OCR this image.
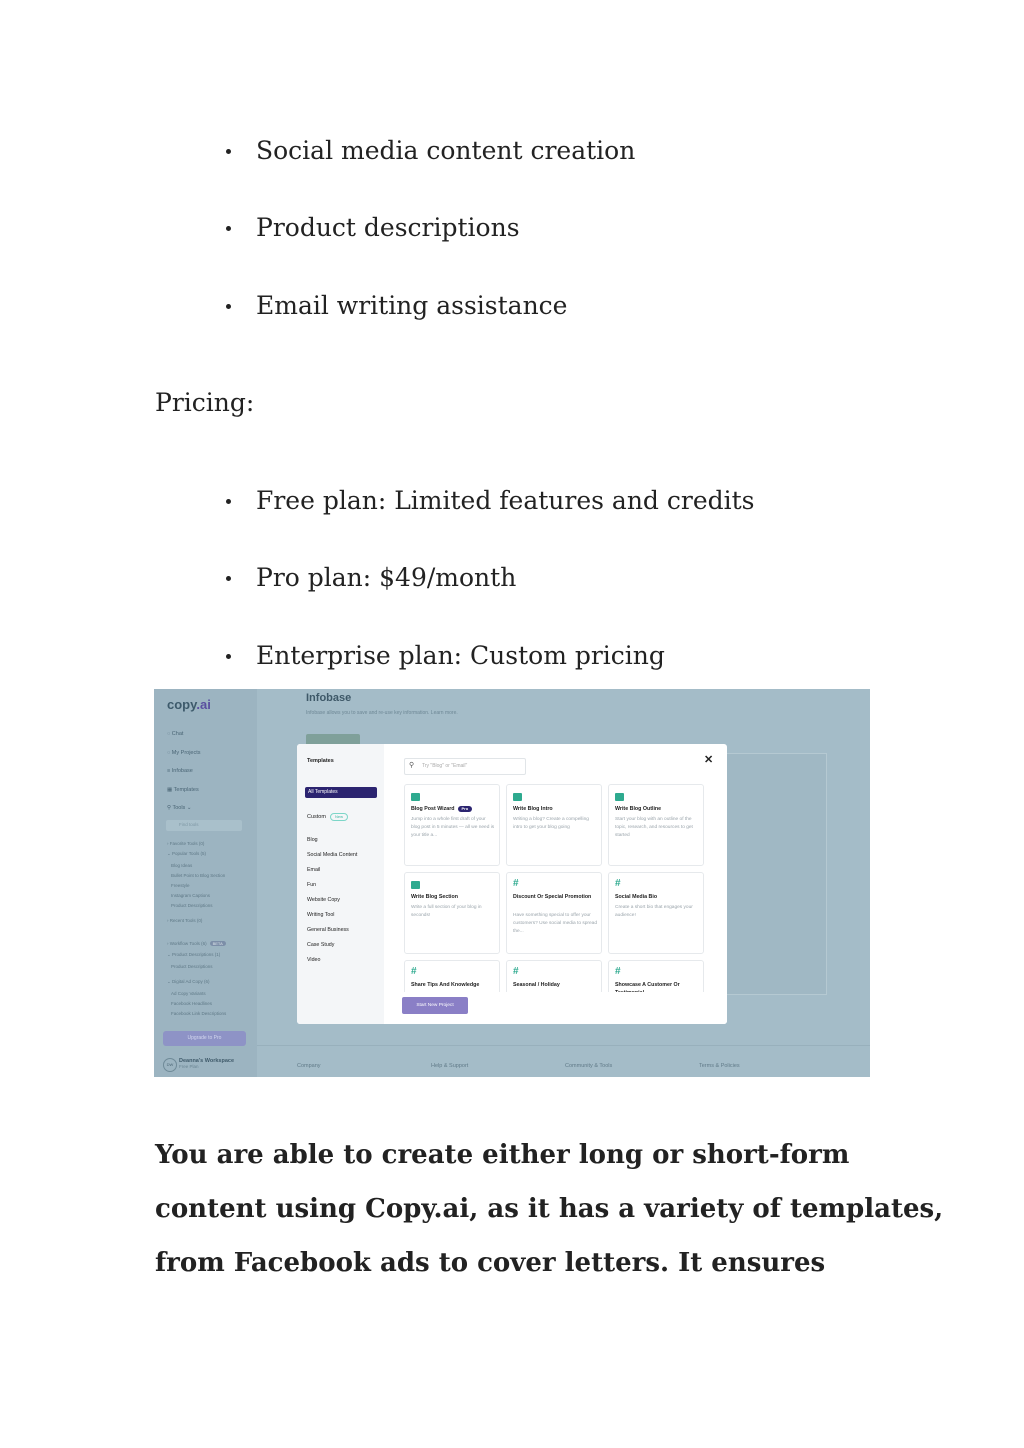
Social media content creation
Product descriptions
Email writing assistance

Pricing:

Free plan: Limited features and credits
Pro plan: $49/month
Enterprise plan: Custom pricing
copy.ai
◌ Chat
◌ My Projects
≡ Infobase
▦ Templates
⚲ Tools ⌄
Find tools
› Favorite Tools (0)
⌄ Popular Tools (5)
Blog Ideas
Bullet Point to Blog Section
Freestyle
Instagram Captions
Product Descriptions
› Recent Tools (0)
› Workflow Tools (6) BETA
⌄ Product Descriptions (1)
Product Descriptions
⌄ Digital Ad Copy (6)
Ad Copy Variants
Facebook Headlines
Facebook Link Descriptions
Upgrade to Pro
DW
Deanna's Workspace
Free Plan
Infobase
Infobase allows you to save and re-use key information. Learn more.
Company	Help & Support	Community & Tools	Terms & Policies
Templates
All Templates
Custom New
Blog
Social Media Content
Email
Fun
Website Copy
Writing Tool
General Business
Case Study
Video
⚲ Try "Blog" or "Email"	✕
Blog Post Wizard Pro
Jump into a whole first draft of your blog post in 5 minutes — all we need is your title a...
Write Blog Intro
Writing a blog? Create a compelling intro to get your blog going
Write Blog Outline
Start your blog with an outline of the topic, research, and resources to get started
Write Blog Section
Write a full section of your blog in seconds!
#
Discount Or Special Promotion
Have something special to offer your customers? Use social media to spread the...
#
Social Media Bio
Create a short bio that engages your audience!
#
Share Tips And Knowledge
#
Seasonal / Holiday
#
Showcase A Customer Or
Start New Project
You are able to create either long or short-form
content using Copy.ai, as it has a variety of templates,
from Facebook ads to cover letters. It ensures
